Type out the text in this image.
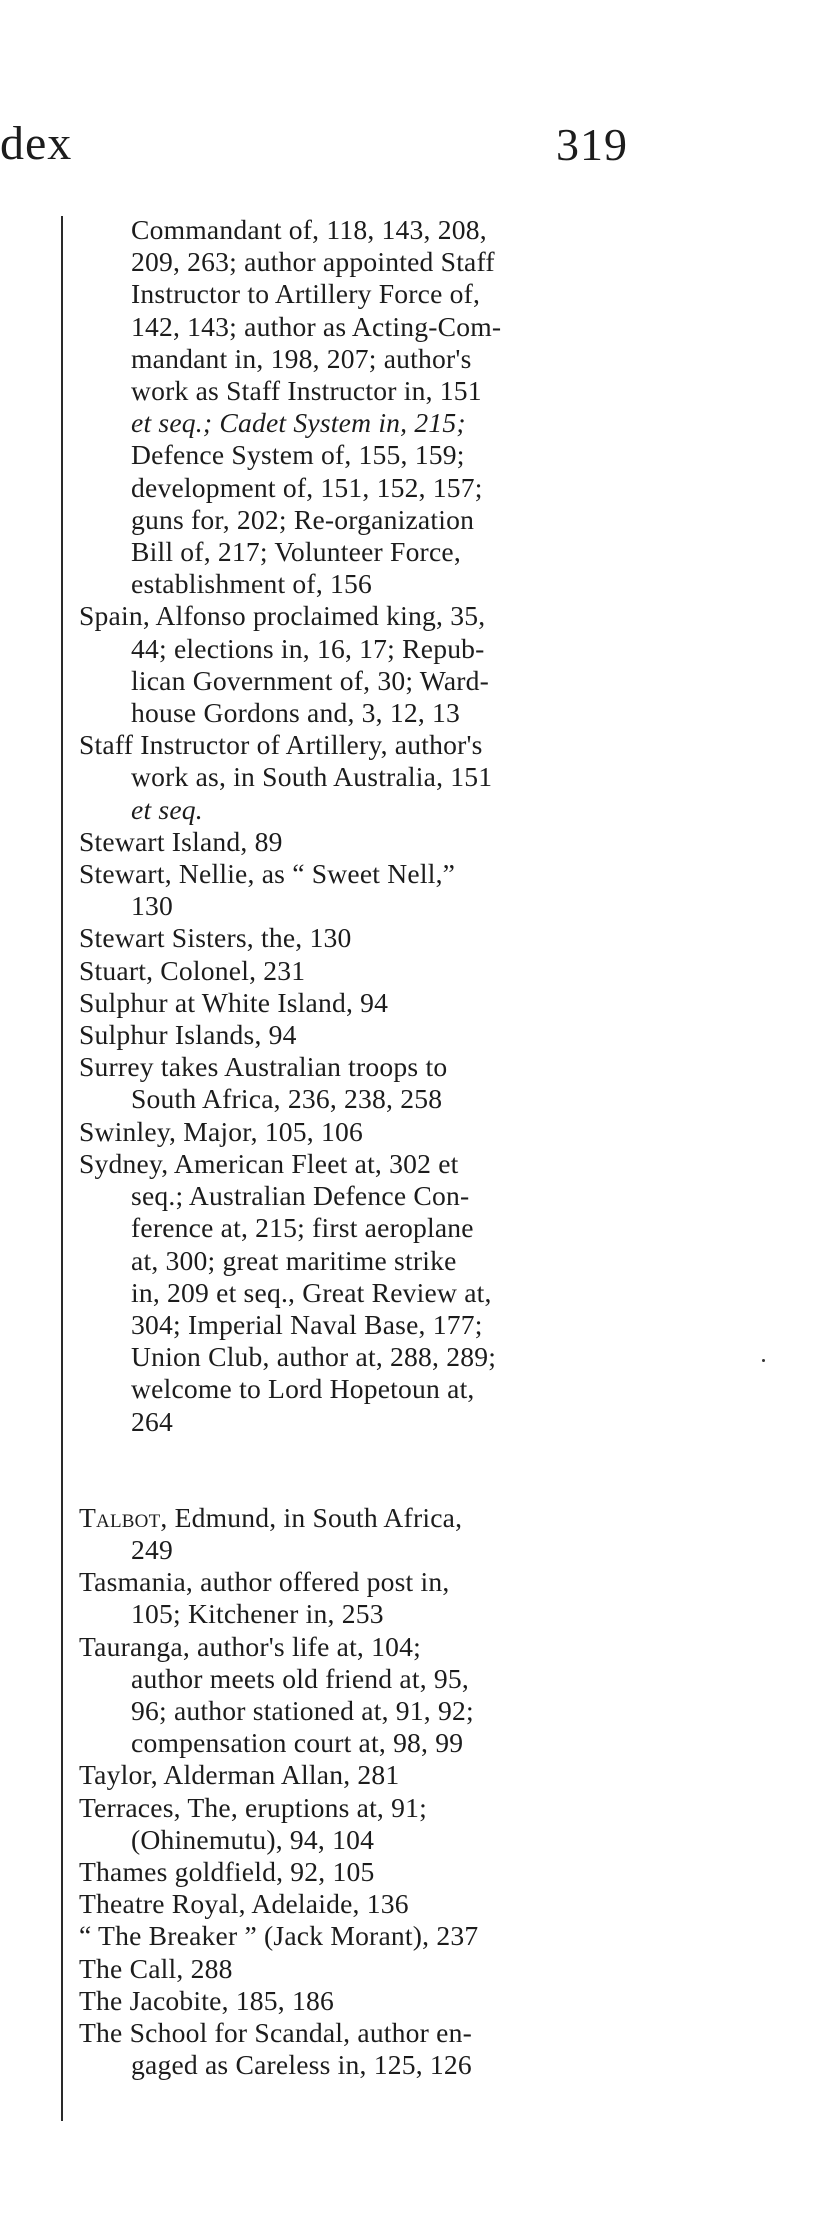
dex	319
Commandant of, 118, 143, 208,
209, 263; author appointed Staff
Instructor to Artillery Force of,
142, 143; author as Acting-Com-
mandant in, 198, 207; author's
work as Staff Instructor in, 151
et seq.; Cadet System in, 215;
Defence System of, 155, 159;
development of, 151, 152, 157;
guns for, 202; Re-organization
Bill of, 217; Volunteer Force,
establishment of, 156
Spain, Alfonso proclaimed king, 35,
44; elections in, 16, 17; Repub-
lican Government of, 30; Ward-
house Gordons and, 3, 12, 13
Staff Instructor of Artillery, author's
work as, in South Australia, 151
et seq.
Stewart Island, 89
Stewart, Nellie, as “ Sweet Nell,”
130
Stewart Sisters, the, 130
Stuart, Colonel, 231
Sulphur at White Island, 94
Sulphur Islands, 94
Surrey takes Australian troops to
South Africa, 236, 238, 258
Swinley, Major, 105, 106
Sydney, American Fleet at, 302 et
seq.; Australian Defence Con-
ference at, 215; first aeroplane
at, 300; great maritime strike
in, 209 et seq., Great Review at,
304; Imperial Naval Base, 177;
Union Club, author at, 288, 289;
welcome to Lord Hopetoun at,
264
Talbot, Edmund, in South Africa,
249
Tasmania, author offered post in,
105; Kitchener in, 253
Tauranga, author's life at, 104;
author meets old friend at, 95,
96; author stationed at, 91, 92;
compensation court at, 98, 99
Taylor, Alderman Allan, 281
Terraces, The, eruptions at, 91;
(Ohinemutu), 94, 104
Thames goldfield, 92, 105
Theatre Royal, Adelaide, 136
“ The Breaker ” (Jack Morant), 237
The Call, 288
The Jacobite, 185, 186
The School for Scandal, author en-
gaged as Careless in, 125, 126
